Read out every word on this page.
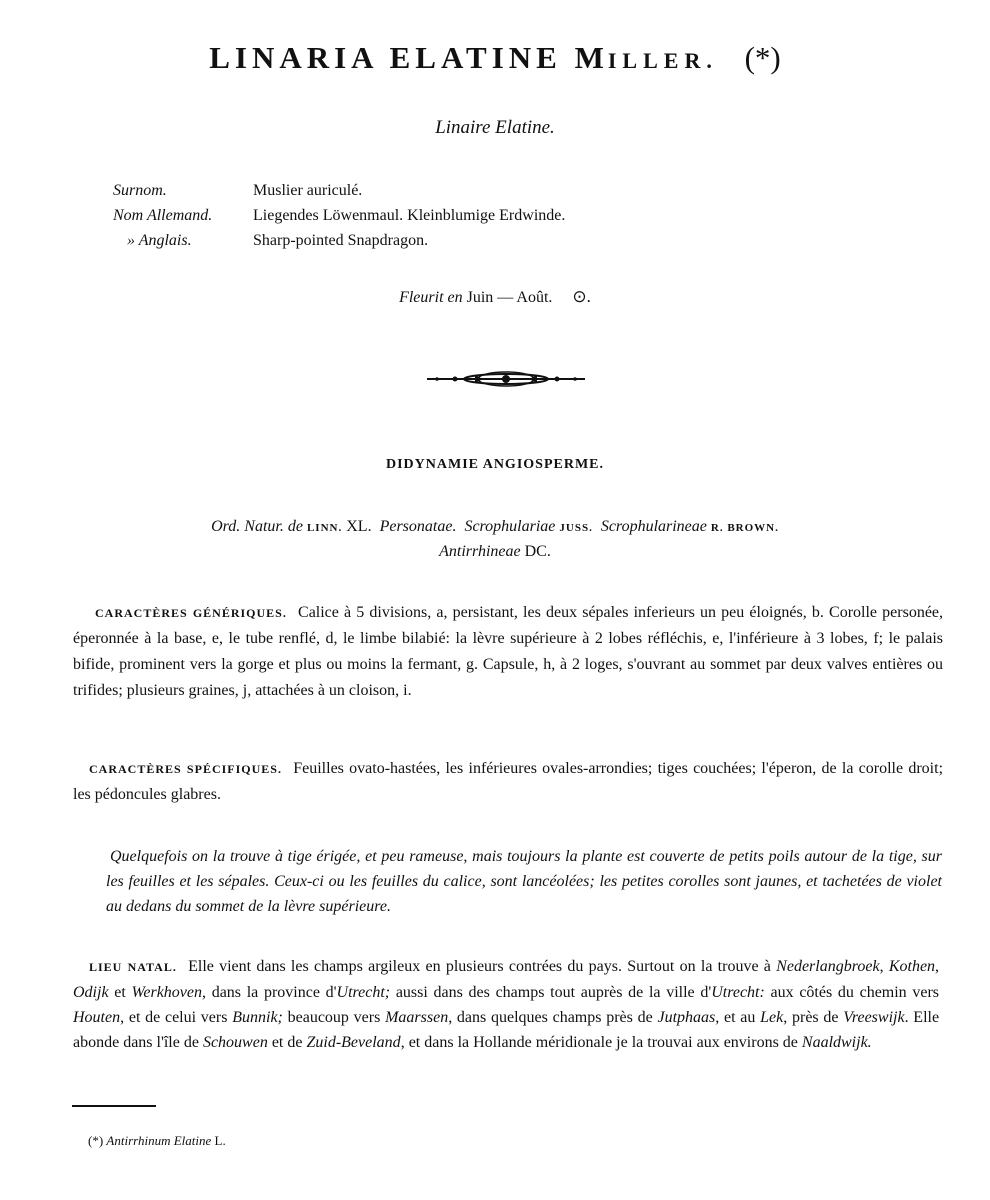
LINARIA ELATINE MILLER. (*)
Linaire Elatine.
Surnom.	Muslier auriculé.
Nom Allemand.	Liegendes Löwenmaul. Kleinblumige Erdwinde.
» Anglais.	Sharp-pointed Snapdragon.
Fleurit en Juin — Août. ⊙.
DIDYNAMIE ANGIOSPERME.
Ord. Natur. de LINN. XL. Personatae. Scrophulariae JUSS. Scrophularineae R. BROWN.
Antirrhineae DC.
CARACTÈRES GÉNÉRIQUES. Calice à 5 divisions, a, persistant, les deux sépales inferieurs un peu éloignés, b. Corolle personée, éperonnée à la base, e, le tube renflé, d, le limbe bilabié: la lèvre supérieure à 2 lobes réfléchis, e, l'inférieure à 3 lobes, f; le palais bifide, prominent vers la gorge et plus ou moins la fermant, g. Capsule, h, à 2 loges, s'ouvrant au sommet par deux valves entières ou trifides; plusieurs graines, j, attachées à un cloison, i.
CARACTÈRES SPÉCIFIQUES. Feuilles ovato-hastées, les inférieures ovales-arrondies; tiges couchées; l'éperon, de la corolle droit; les pédoncules glabres.
Quelquefois on la trouve à tige érigée, et peu rameuse, mais toujours la plante est couverte de petits poils autour de la tige, sur les feuilles et les sépales. Ceux-ci ou les feuilles du calice, sont lancéolées; les petites corolles sont jaunes, et tachetées de violet au dedans du sommet de la lèvre supérieure.
LIEU NATAL. Elle vient dans les champs argileux en plusieurs contrées du pays. Surtout on la trouve à Nederlangbroek, Kothen, Odijk et Werkhoven, dans la province d'Utrecht; aussi dans des champs tout auprès de la ville d'Utrecht: aux côtés du chemin vers Houten, et de celui vers Bunnik; beaucoup vers Maarssen, dans quelques champs près de Jutphaas, et au Lek, près de Vreeswijk. Elle abonde dans l'île de Schouwen et de Zuid-Beveland, et dans la Hollande méridionale je la trouvai aux environs de Naaldwijk.
(*) Antirrhinum Elatine L.
